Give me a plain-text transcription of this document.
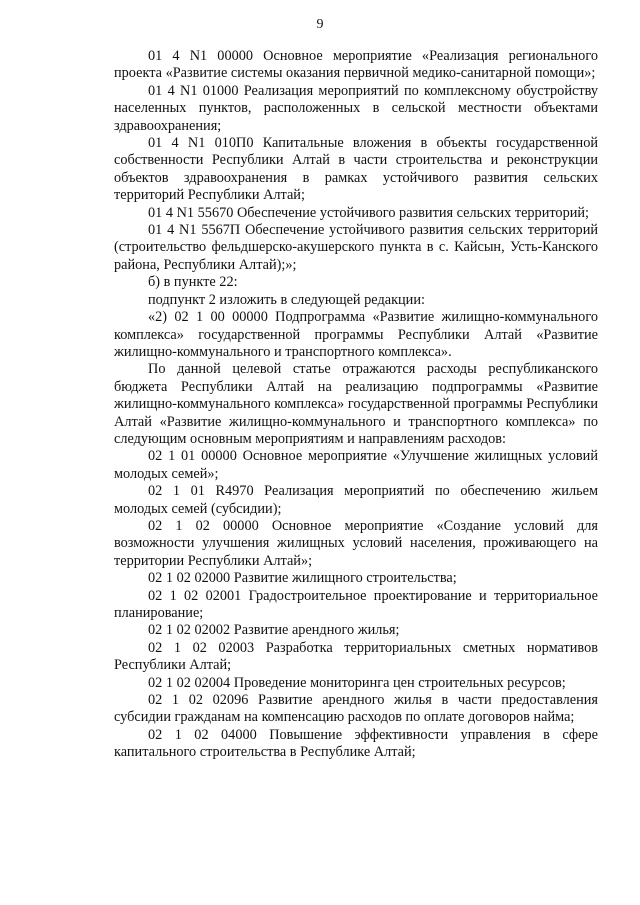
9

01 4 N1 00000 Основное мероприятие «Реализация регионального проекта «Развитие системы оказания первичной медико-санитарной помощи»;

01 4 N1 01000 Реализация мероприятий по комплексному обустройству населенных пунктов, расположенных в сельской местности объектами здравоохранения;

01 4 N1 010П0 Капитальные вложения в объекты государственной собственности Республики Алтай в части строительства и реконструкции объектов здравоохранения в рамках устойчивого развития сельских территорий Республики Алтай;

01 4 N1 55670 Обеспечение устойчивого развития сельских территорий;

01 4 N1 5567П Обеспечение устойчивого развития сельских территорий (строительство фельдшерско-акушерского пункта в с. Кайсын, Усть-Канского района, Республики Алтай);»;

б) в пункте 22:

подпункт 2 изложить в следующей редакции:

«2) 02 1 00 00000 Подпрограмма «Развитие жилищно-коммунального комплекса» государственной программы Республики Алтай «Развитие жилищно-коммунального и транспортного комплекса».

По данной целевой статье отражаются расходы республиканского бюджета Республики Алтай на реализацию подпрограммы «Развитие жилищно-коммунального комплекса» государственной программы Республики Алтай «Развитие жилищно-коммунального и транспортного комплекса» по следующим основным мероприятиям и направлениям расходов:

02 1 01 00000 Основное мероприятие «Улучшение жилищных условий молодых семей»;

02 1 01 R4970 Реализация мероприятий по обеспечению жильем молодых семей (субсидии);

02 1 02 00000 Основное мероприятие «Создание условий для возможности улучшения жилищных условий населения, проживающего на территории Республики Алтай»;

02 1 02 02000 Развитие жилищного строительства;

02 1 02 02001 Градостроительное проектирование и территориальное планирование;

02 1 02 02002 Развитие арендного жилья;

02 1 02 02003 Разработка территориальных сметных нормативов Республики Алтай;

02 1 02 02004 Проведение мониторинга цен строительных ресурсов;

02 1 02 02096 Развитие арендного жилья в части предоставления субсидии гражданам на компенсацию расходов по оплате договоров найма;

02 1 02 04000 Повышение эффективности управления в сфере капитального строительства в Республике Алтай;
